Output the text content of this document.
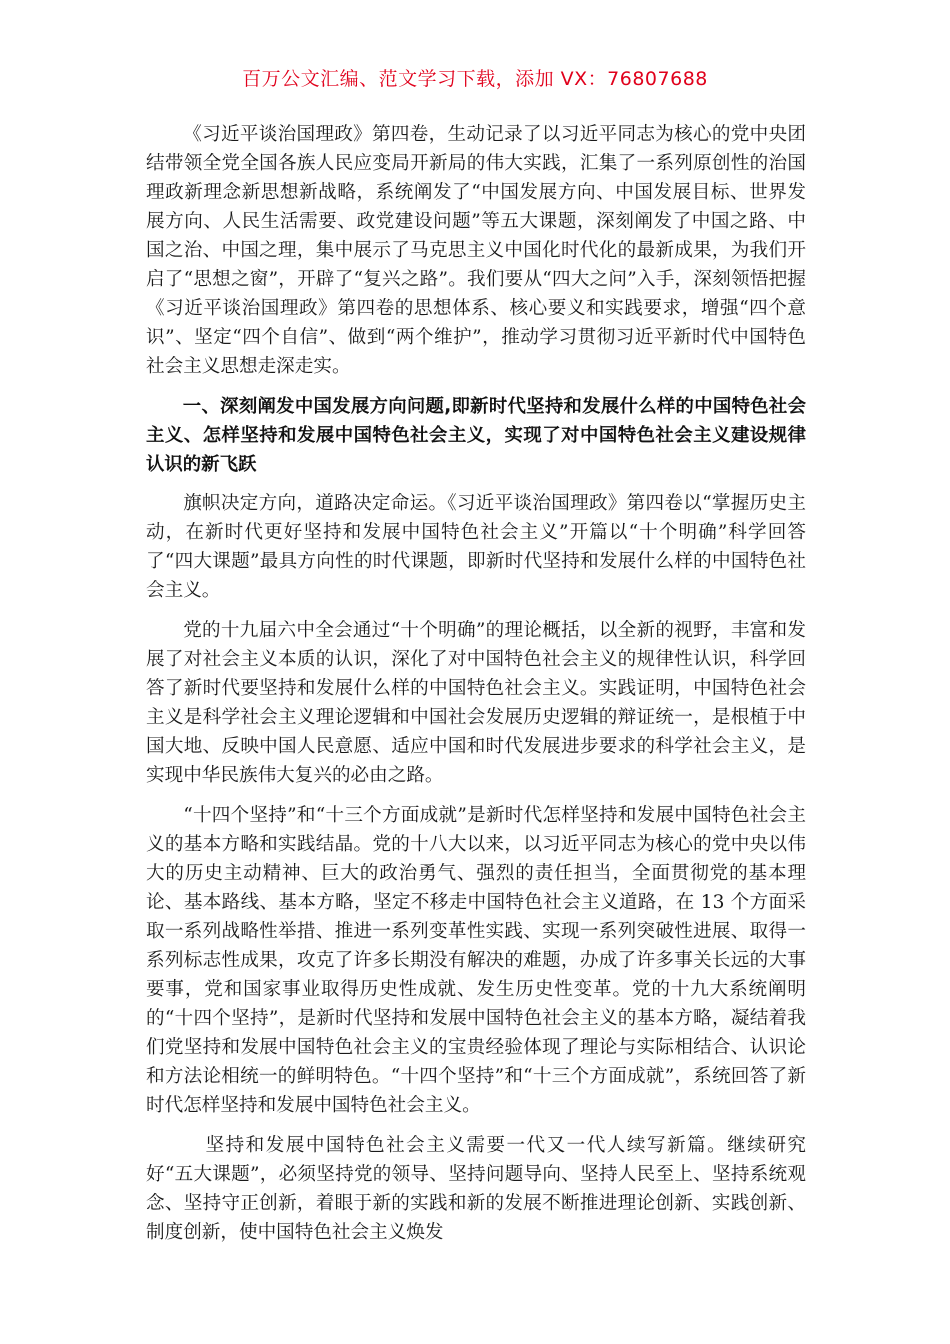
百万公文汇编、范文学习下载，添加 VX：76807688

《习近平谈治国理政》第四卷，生动记录了以习近平同志为核心的党中央团结带领全党全国各族人民应变局开新局的伟大实践，汇集了一系列原创性的治国理政新理念新思想新战略，系统阐发了“中国发展方向、中国发展目标、世界发展方向、人民生活需要、政党建设问题”等五大课题，深刻阐发了中国之路、中国之治、中国之理，集中展示了马克思主义中国化时代化的最新成果，为我们开启了“思想之窗”，开辟了“复兴之路”。我们要从“四大之问”入手，深刻领悟把握《习近平谈治国理政》第四卷的思想体系、核心要义和实践要求，增强“四个意识”、坚定“四个自信”、做到“两个维护”，推动学习贯彻习近平新时代中国特色社会主义思想走深走实。

一、深刻阐发中国发展方向问题,即新时代坚持和发展什么样的中国特色社会主义、怎样坚持和发展中国特色社会主义，实现了对中国特色社会主义建设规律认识的新飞跃

旗帜决定方向，道路决定命运。《习近平谈治国理政》第四卷以“掌握历史主动，在新时代更好坚持和发展中国特色社会主义”开篇以“十个明确”科学回答了“四大课题”最具方向性的时代课题，即新时代坚持和发展什么样的中国特色社会主义。

党的十九届六中全会通过“十个明确”的理论概括，以全新的视野，丰富和发展了对社会主义本质的认识，深化了对中国特色社会主义的规律性认识，科学回答了新时代要坚持和发展什么样的中国特色社会主义。实践证明，中国特色社会主义是科学社会主义理论逻辑和中国社会发展历史逻辑的辩证统一，是根植于中国大地、反映中国人民意愿、适应中国和时代发展进步要求的科学社会主义，是实现中华民族伟大复兴的必由之路。

“十四个坚持”和“十三个方面成就”是新时代怎样坚持和发展中国特色社会主义的基本方略和实践结晶。党的十八大以来，以习近平同志为核心的党中央以伟大的历史主动精神、巨大的政治勇气、强烈的责任担当，全面贯彻党的基本理论、基本路线、基本方略，坚定不移走中国特色社会主义道路，在 13 个方面采取一系列战略性举措、推进一系列变革性实践、实现一系列突破性进展、取得一系列标志性成果，攻克了许多长期没有解决的难题，办成了许多事关长远的大事要事，党和国家事业取得历史性成就、发生历史性变革。党的十九大系统阐明的“十四个坚持”，是新时代坚持和发展中国特色社会主义的基本方略，凝结着我们党坚持和发展中国特色社会主义的宝贵经验体现了理论与实际相结合、认识论和方法论相统一的鲜明特色。“十四个坚持”和“十三个方面成就”，系统回答了新时代怎样坚持和发展中国特色社会主义。

坚持和发展中国特色社会主义需要一代又一代人续写新篇。继续研究好“五大课题”，必须坚持党的领导、坚持问题导向、坚持人民至上、坚持系统观念、坚持守正创新，着眼于新的实践和新的发展不断推进理论创新、实践创新、制度创新，使中国特色社会主义焕发
